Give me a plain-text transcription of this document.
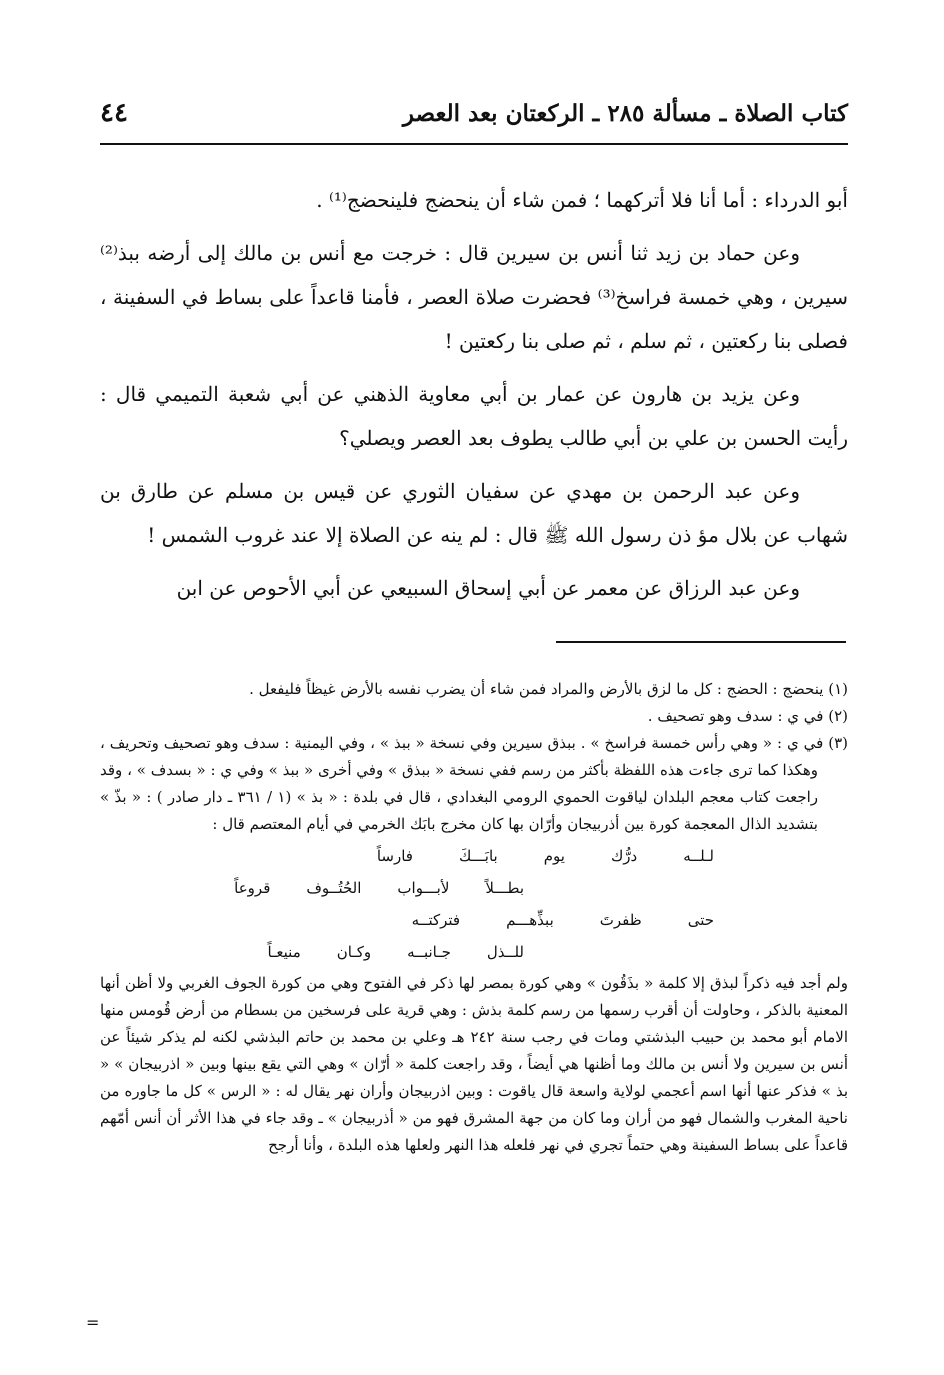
كتاب الصلاة ـ مسألة ٢٨٥ ـ الركعتان بعد العصر
٤٤

أبو الدرداء : أما أنا فلا أتركهما ؛ فمن شاء أن ينحضج فلينحضج⁽¹⁾ .

وعن حماد بن زيد ثنا أنس بن سيرين قال : خرجت مع أنس بن مالك إلى أرضه ببذ⁽²⁾ سيرين ، وهي خمسة فراسخ⁽³⁾ فحضرت صلاة العصر ، فأمنا قاعداً على بساط في السفينة ، فصلى بنا ركعتين ، ثم سلم ، ثم صلى بنا ركعتين !

وعن يزيد بن هارون عن عمار بن أبي معاوية الذهني عن أبي شعبة التميمي قال : رأيت الحسن بن علي بن أبي طالب يطوف بعد العصر ويصلي؟

وعن عبد الرحمن بن مهدي عن سفيان الثوري عن قيس بن مسلم عن طارق بن شهاب عن بلال مؤ ذن رسول الله ﷺ قال : لم ينه عن الصلاة إلا عند غروب الشمس !

وعن عبد الرزاق عن معمر عن أبي إسحاق السبيعي عن أبي الأحوص عن ابن

(١) ينحضج : الحضج : كل ما لزق بالأرض والمراد فمن شاء أن يضرب نفسه بالأرض غيظاً فليفعل .

(٢) في ي : سدف وهو تصحيف .

(٣) في ي : « وهي رأس خمسة فراسخ » . ببذق سيرين وفي نسخة « ببذ » ، وفي اليمنية : سدف وهو تصحيف وتحريف ، وهكذا كما ترى جاءت هذه اللفظة بأكثر من رسم ففي نسخة « ببذق » وفي أخرى « ببذ » وفي ي : « بسدف » ، وقد راجعت كتاب معجم البلدان لياقوت الحموي الرومي البغدادي ، قال في بلدة : « بذ » (١ / ٣٦١ ـ دار صادر ) : « بذّ » بتشديد الذال المعجمة كورة بين أذربيجان وأرّان بها كان مخرج بابَك الخرمي في أيام المعتصم قال :

لـلــه
درُّك
يوم
بابَـــكَ
فارساً
بطـــلاً
لأبـــواب
الحُتُــوف
قروعاً
حتى
ظفرتَ
ببذِّهـــم
فتركتــه
للــذل
جـانبــه
وكـان
منيعـاً

ولم أجد فيه ذكراً لبذق إلا كلمة « بذَقُون » وهي كورة بمصر لها ذكر في الفتوح وهي من كورة الجوف الغربي ولا أظن أنها المعنية بالذكر ، وحاولت أن أقرب رسمها من رسم كلمة بذش : وهي قرية على فرسخين من بسطام من أرض قُومس منها الامام أبو محمد بن حبيب البذشتي ومات في رجب سنة ٢٤٢ هـ وعلي بن محمد بن حاتم البذشي لكنه لم يذكر شيئاً عن أنس بن سيرين ولا أنس بن مالك وما أظنها هي أيضاً ، وقد راجعت كلمة « أرّان » وهي التي يقع بينها وبين « اذربيجان » « بذ » فذكر عنها أنها اسم أعجمي لولاية واسعة قال ياقوت : وبين اذربيجان وأران نهر يقال له : « الرس » كل ما جاوره من ناحية المغرب والشمال فهو من أران وما كان من جهة المشرق فهو من « أذربيجان » ـ وقد جاء في هذا الأثر أن أنس أمّهم قاعداً على بساط السفينة وهي حتماً تجري في نهر فلعله هذا النهر ولعلها هذه البلدة ، وأنا أرجح

=
